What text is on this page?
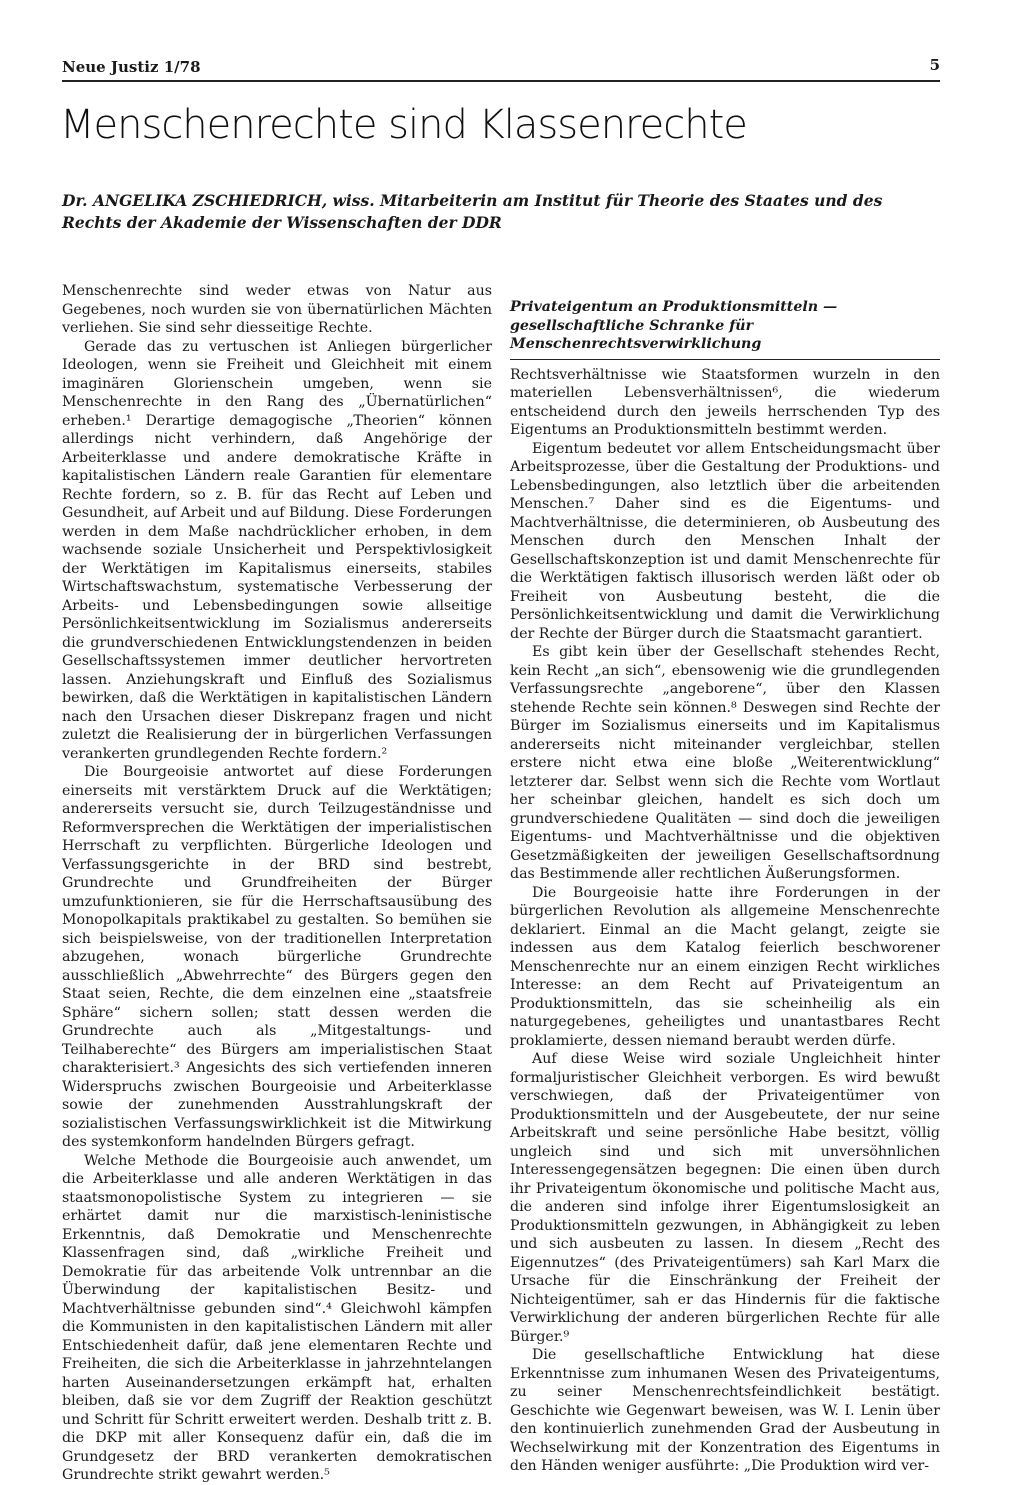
Neue Justiz 1/78	5
Menschenrechte sind Klassenrechte
Dr. ANGELIKA ZSCHIEDRICH, wiss. Mitarbeiterin am Institut für Theorie des Staates und des Rechts der Akademie der Wissenschaften der DDR

Menschenrechte sind weder etwas von Natur aus Gegebenes, noch wurden sie von übernatürlichen Mächten verliehen. Sie sind sehr diesseitige Rechte.

Gerade das zu vertuschen ist Anliegen bürgerlicher Ideologen, wenn sie Freiheit und Gleichheit mit einem imaginären Glorienschein umgeben, wenn sie Menschenrechte in den Rang des „Übernatürlichen“ erheben.¹ Derartige demagogische „Theorien“ können allerdings nicht verhindern, daß Angehörige der Arbeiterklasse und andere demokratische Kräfte in kapitalistischen Ländern reale Garantien für elementare Rechte fordern, so z. B. für das Recht auf Leben und Gesundheit, auf Arbeit und auf Bildung. Diese Forderungen werden in dem Maße nachdrücklicher erhoben, in dem wachsende soziale Unsicherheit und Perspektivlosigkeit der Werktätigen im Kapitalismus einerseits, stabiles Wirtschaftswachstum, systematische Verbesserung der Arbeits- und Lebensbedingungen sowie allseitige Persönlichkeitsentwicklung im Sozialismus andererseits die grundverschiedenen Entwicklungstendenzen in beiden Gesellschaftssystemen immer deutlicher hervortreten lassen. Anziehungskraft und Einfluß des Sozialismus bewirken, daß die Werktätigen in kapitalistischen Ländern nach den Ursachen dieser Diskrepanz fragen und nicht zuletzt die Realisierung der in bürgerlichen Verfassungen verankerten grundlegenden Rechte fordern.²

Die Bourgeoisie antwortet auf diese Forderungen einerseits mit verstärktem Druck auf die Werktätigen; andererseits versucht sie, durch Teilzugeständnisse und Reformversprechen die Werktätigen der imperialistischen Herrschaft zu verpflichten. Bürgerliche Ideologen und Verfassungsgerichte in der BRD sind bestrebt, Grundrechte und Grundfreiheiten der Bürger umzufunktionieren, sie für die Herrschaftsausübung des Monopolkapitals praktikabel zu gestalten. So bemühen sie sich beispielsweise, von der traditionellen Interpretation abzugehen, wonach bürgerliche Grundrechte ausschließlich „Abwehrrechte“ des Bürgers gegen den Staat seien, Rechte, die dem einzelnen eine „staatsfreie Sphäre“ sichern sollen; statt dessen werden die Grundrechte auch als „Mitgestaltungs- und Teilhaberechte“ des Bürgers am imperialistischen Staat charakterisiert.³ Angesichts des sich vertiefenden inneren Widerspruchs zwischen Bourgeoisie und Arbeiterklasse sowie der zunehmenden Ausstrahlungskraft der sozialistischen Verfassungswirklichkeit ist die Mitwirkung des systemkonform handelnden Bürgers gefragt.

Welche Methode die Bourgeoisie auch anwendet, um die Arbeiterklasse und alle anderen Werktätigen in das staatsmonopolistische System zu integrieren — sie erhärtet damit nur die marxistisch-leninistische Erkenntnis, daß Demokratie und Menschenrechte Klassenfragen sind, daß „wirkliche Freiheit und Demokratie für das arbeitende Volk untrennbar an die Überwindung der kapitalistischen Besitz- und Machtverhältnisse gebunden sind“.⁴ Gleichwohl kämpfen die Kommunisten in den kapitalistischen Ländern mit aller Entschiedenheit dafür, daß jene elementaren Rechte und Freiheiten, die sich die Arbeiterklasse in jahrzehntelangen harten Auseinandersetzungen erkämpft hat, erhalten bleiben, daß sie vor dem Zugriff der Reaktion geschützt und Schritt für Schritt erweitert werden. Deshalb tritt z. B. die DKP mit aller Konsequenz dafür ein, daß die im Grundgesetz der BRD verankerten demokratischen Grundrechte strikt gewahrt werden.⁵

Privateigentum an Produktionsmitteln — gesellschaftliche Schranke für Menschenrechtsverwirklichung

Rechtsverhältnisse wie Staatsformen wurzeln in den materiellen Lebensverhältnissen⁶, die wiederum entscheidend durch den jeweils herrschenden Typ des Eigentums an Produktionsmitteln bestimmt werden.

Eigentum bedeutet vor allem Entscheidungsmacht über Arbeitsprozesse, über die Gestaltung der Produktions- und Lebensbedingungen, also letztlich über die arbeitenden Menschen.⁷ Daher sind es die Eigentums- und Machtverhältnisse, die determinieren, ob Ausbeutung des Menschen durch den Menschen Inhalt der Gesellschaftskonzeption ist und damit Menschenrechte für die Werktätigen faktisch illusorisch werden läßt oder ob Freiheit von Ausbeutung besteht, die die Persönlichkeitsentwicklung und damit die Verwirklichung der Rechte der Bürger durch die Staatsmacht garantiert.

Es gibt kein über der Gesellschaft stehendes Recht, kein Recht „an sich“, ebensowenig wie die grundlegenden Verfassungsrechte „angeborene“, über den Klassen stehende Rechte sein können.⁸ Deswegen sind Rechte der Bürger im Sozialismus einerseits und im Kapitalismus andererseits nicht miteinander vergleichbar, stellen erstere nicht etwa eine bloße „Weiterentwicklung“ letzterer dar. Selbst wenn sich die Rechte vom Wortlaut her scheinbar gleichen, handelt es sich doch um grundverschiedene Qualitäten — sind doch die jeweiligen Eigentums- und Machtverhältnisse und die objektiven Gesetzmäßigkeiten der jeweiligen Gesellschaftsordnung das Bestimmende aller rechtlichen Äußerungsformen.

Die Bourgeoisie hatte ihre Forderungen in der bürgerlichen Revolution als allgemeine Menschenrechte deklariert. Einmal an die Macht gelangt, zeigte sie indessen aus dem Katalog feierlich beschworener Menschenrechte nur an einem einzigen Recht wirkliches Interesse: an dem Recht auf Privateigentum an Produktionsmitteln, das sie scheinheilig als ein naturgegebenes, geheiligtes und unantastbares Recht proklamierte, dessen niemand beraubt werden dürfe.

Auf diese Weise wird soziale Ungleichheit hinter formaljuristischer Gleichheit verborgen. Es wird bewußt verschwiegen, daß der Privateigentümer von Produktionsmitteln und der Ausgebeutete, der nur seine Arbeitskraft und seine persönliche Habe besitzt, völlig ungleich sind und sich mit unversöhnlichen Interessengegensätzen begegnen: Die einen üben durch ihr Privateigentum ökonomische und politische Macht aus, die anderen sind infolge ihrer Eigentumslosigkeit an Produktionsmitteln gezwungen, in Abhängigkeit zu leben und sich ausbeuten zu lassen. In diesem „Recht des Eigennutzes“ (des Privateigentümers) sah Karl Marx die Ursache für die Einschränkung der Freiheit der Nichteigentümer, sah er das Hindernis für die faktische Verwirklichung der anderen bürgerlichen Rechte für alle Bürger.⁹

Die gesellschaftliche Entwicklung hat diese Erkenntnisse zum inhumanen Wesen des Privateigentums, zu seiner Menschenrechtsfeindlichkeit bestätigt. Geschichte wie Gegenwart beweisen, was W. I. Lenin über den kontinuierlich zunehmenden Grad der Ausbeutung in Wechselwirkung mit der Konzentration des Eigentums in den Händen weniger ausführte: „Die Produktion wird ver-
